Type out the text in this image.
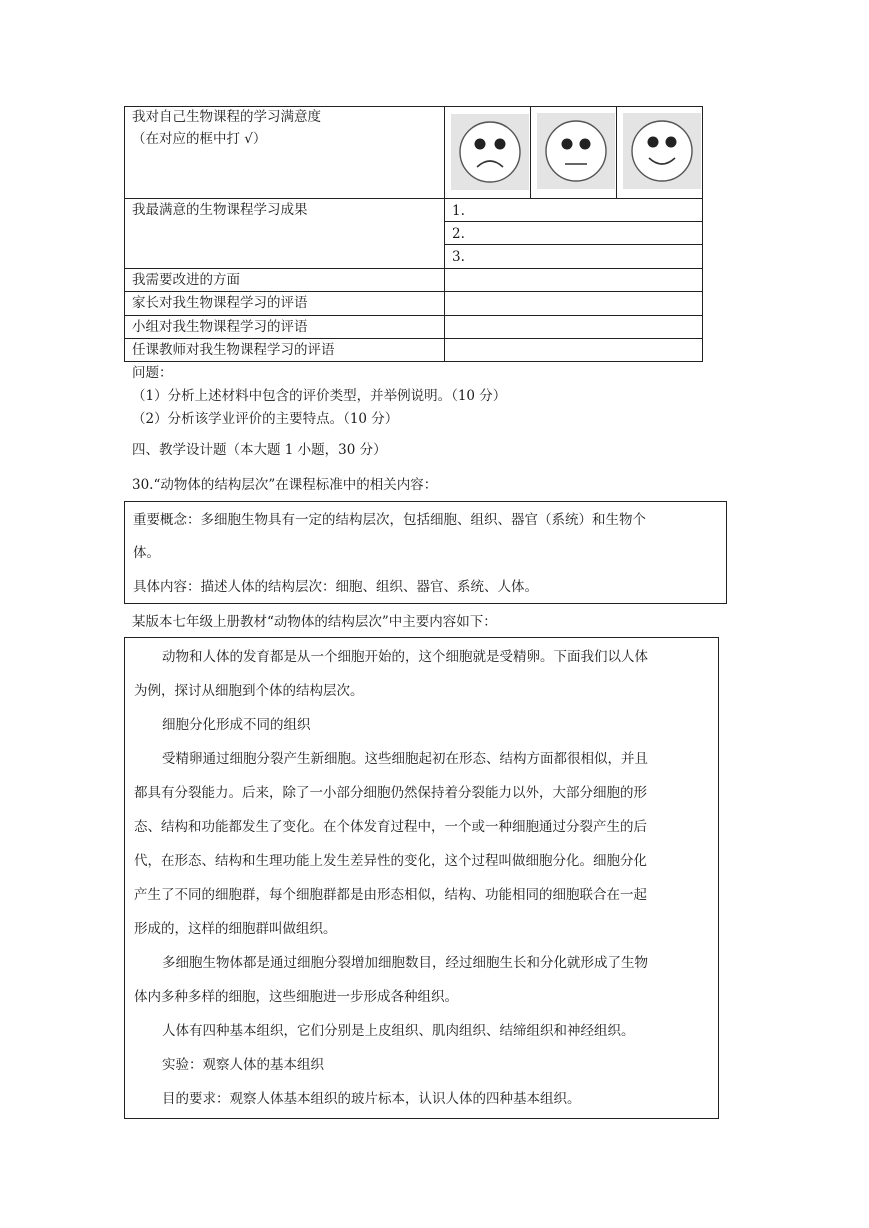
我对自己生物课程的学习满意度
（在对应的框中打 √）
我最满意的生物课程学习成果	1.
2.
3.
我需要改进的方面
家长对我生物课程学习的评语
小组对我生物课程学习的评语
任课教师对我生物课程学习的评语
问题：
（1）分析上述材料中包含的评价类型，并举例说明。（10 分）
（2）分析该学业评价的主要特点。（10 分）
四、教学设计题（本大题 1 小题，30 分）
30.“动物体的结构层次”在课程标准中的相关内容：
重要概念：多细胞生物具有一定的结构层次，包括细胞、组织、器官（系统）和生物个
体。
具体内容：描述人体的结构层次：细胞、组织、器官、系统、人体。
某版本七年级上册教材“动物体的结构层次”中主要内容如下：
动物和人体的发育都是从一个细胞开始的，这个细胞就是受精卵。下面我们以人体
为例，探讨从细胞到个体的结构层次。
细胞分化形成不同的组织
受精卵通过细胞分裂产生新细胞。这些细胞起初在形态、结构方面都很相似，并且
都具有分裂能力。后来，除了一小部分细胞仍然保持着分裂能力以外，大部分细胞的形
态、结构和功能都发生了变化。在个体发育过程中，一个或一种细胞通过分裂产生的后
代，在形态、结构和生理功能上发生差异性的变化，这个过程叫做细胞分化。细胞分化
产生了不同的细胞群，每个细胞群都是由形态相似，结构、功能相同的细胞联合在一起
形成的，这样的细胞群叫做组织。
多细胞生物体都是通过细胞分裂增加细胞数目，经过细胞生长和分化就形成了生物
体内多种多样的细胞，这些细胞进一步形成各种组织。
人体有四种基本组织，它们分别是上皮组织、肌肉组织、结缔组织和神经组织。
实验：观察人体的基本组织
目的要求：观察人体基本组织的玻片标本，认识人体的四种基本组织。
